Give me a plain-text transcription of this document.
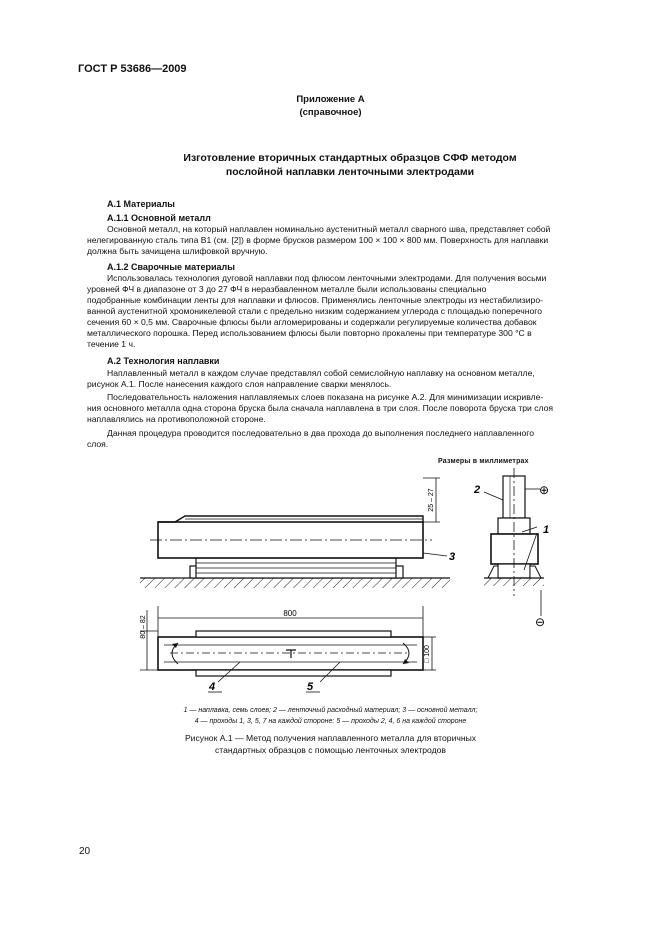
ГОСТ Р 53686—2009
Приложение А
(справочное)
Изготовление вторичных стандартных образцов СФФ методом
послойной наплавки ленточными электродами
А.1 Материалы
А.1.1 Основной металл
Основной металл, на который наплавлен номинально аустенитный металл сварного шва, представляет собой
нелегированную сталь типа В1 (см. [2]) в форме брусков размером 100 × 100 × 800 мм. Поверхность для наплавки
должна быть зачищена шлифовкой вручную.
А.1.2 Сварочные материалы
Использовалась технология дуговой наплавки под флюсом ленточными электродами. Для получения восьми
уровней ФЧ в диапазоне от 3 до 27 ФЧ в неразбавленном металле были использованы специально
подобранные комбинации ленты для наплавки и флюсов. Применялись ленточные электроды из нестабилизиро-
ванной аустенитной хромоникелевой стали с предельно низким содержанием углерода с площадью поперечного
сечения 60 × 0,5 мм. Сварочные флюсы были агломерированы и содержали регулируемые количества добавок
металлического порошка. Перед использованием флюсы были повторно прокалены при температуре 300 °С в
течение 1 ч.
А.2 Технология наплавки
Наплавленный металл в каждом случае представлял собой семислойную наплавку на основном металле,
рисунок А.1. После нанесения каждого слоя направление сварки менялось.
Последовательность наложения наплавляемых слоев показана на рисунке А.2. Для минимизации искривле-
ния основного металла одна сторона бруска была сначала наплавлена в три слоя. После поворота бруска три слоя
наплавлялись на противоположной стороне.
Данная процедура проводится последовательно в два прохода до выполнения последнего наплавленного
слоя.
Размеры в миллиметрах
25 – 27
3
2	⊕
1
⊖
800
80 – 82
□ 100
4	5
1 — наплавка, семь слоев; 2 — ленточный расходный материал; 3 — основной металл;
4 — проходы 1, 3, 5, 7 на каждой стороне: 5 — проходы 2, 4, 6 на каждой стороне
Рисунок А.1 — Метод получения наплавленного металла для вторичных
стандартных образцов с помощью ленточных электродов
20
